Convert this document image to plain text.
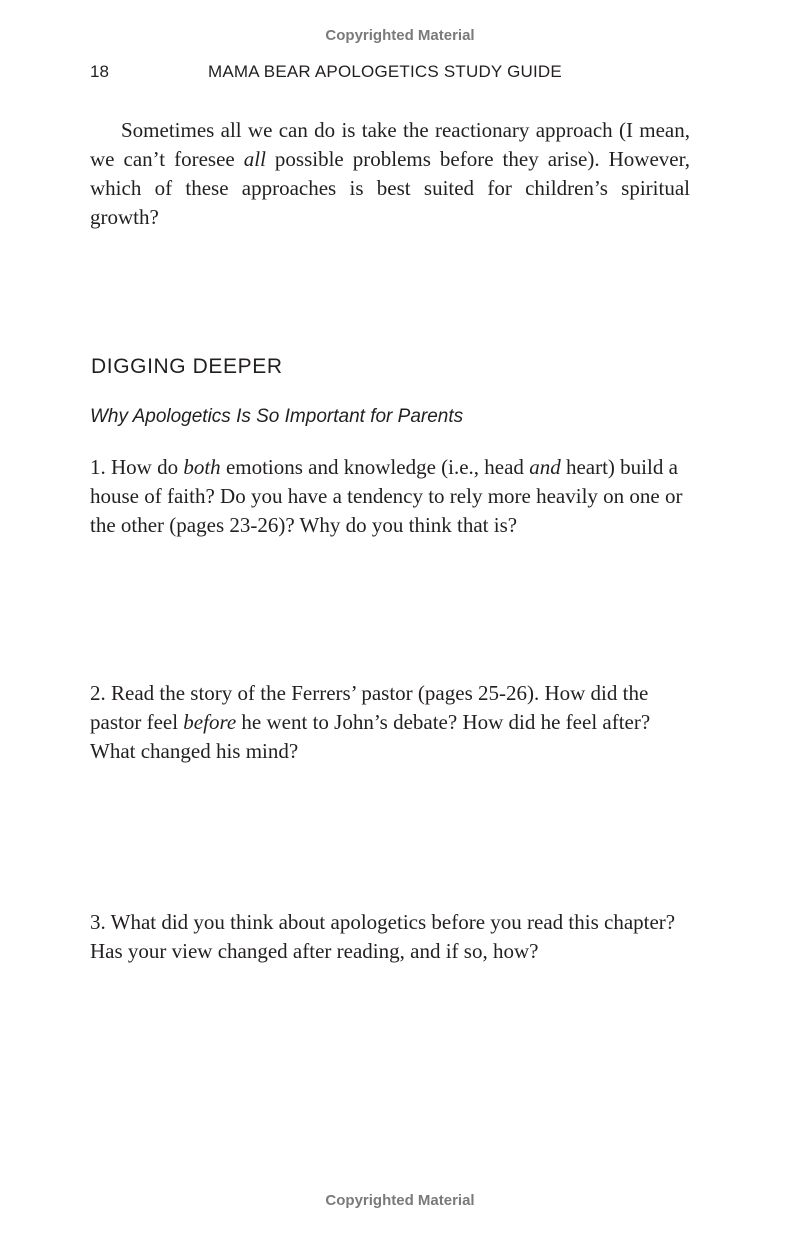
Copyrighted Material
18	MAMA BEAR APOLOGETICS STUDY GUIDE

Sometimes all we can do is take the reactionary approach (I mean, we can’t foresee all possible problems before they arise). However, which of these approaches is best suited for children’s spiritual growth?

DIGGING DEEPER
Why Apologetics Is So Important for Parents

1. How do both emotions and knowledge (i.e., head and heart) build a house of faith? Do you have a tendency to rely more heavily on one or the other (pages 23-26)? Why do you think that is?

2. Read the story of the Ferrers’ pastor (pages 25-26). How did the pastor feel before he went to John’s debate? How did he feel after? What changed his mind?

3. What did you think about apologetics before you read this chapter? Has your view changed after reading, and if so, how?

Copyrighted Material
